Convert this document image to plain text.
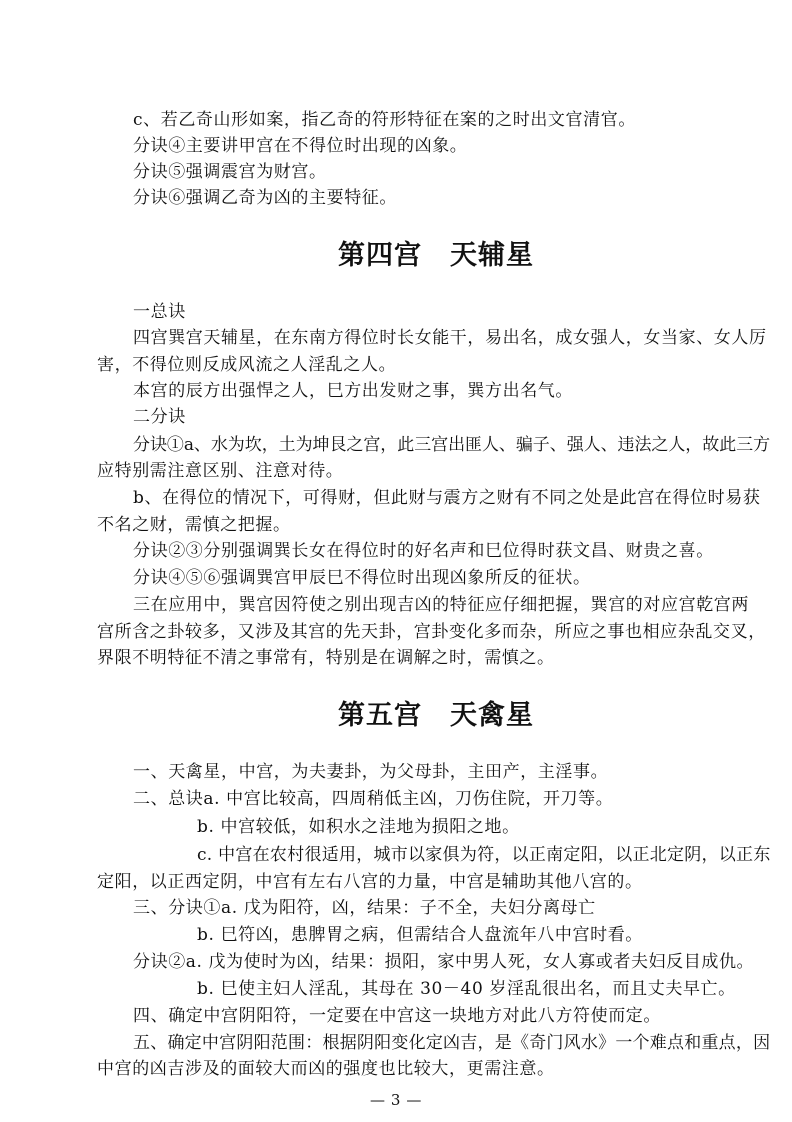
c、若乙奇山形如案，指乙奇的符形特征在案的之时出文官清官。
分诀④主要讲甲宫在不得位时出现的凶象。
分诀⑤强调震宫为财宫。
分诀⑥强调乙奇为凶的主要特征。
第四宫　天辅星
一总诀
四宫巽宫天辅星，在东南方得位时长女能干，易出名，成女强人，女当家、女人厉
害，不得位则反成风流之人淫乱之人。
本宫的辰方出强悍之人，巳方出发财之事，巽方出名气。
二分诀
分诀①a、水为坎，土为坤艮之宫，此三宫出匪人、骗子、强人、违法之人，故此三方
应特别需注意区别、注意对待。
b、在得位的情况下，可得财，但此财与震方之财有不同之处是此宫在得位时易获
不名之财，需慎之把握。
分诀②③分别强调巽长女在得位时的好名声和巳位得时获文昌、财贵之喜。
分诀④⑤⑥强调巽宫甲辰巳不得位时出现凶象所反的征状。
三在应用中，巽宫因符使之别出现吉凶的特征应仔细把握，巽宫的对应宫乾宫两
宫所含之卦较多，又涉及其宫的先天卦，宫卦变化多而杂，所应之事也相应杂乱交叉，
界限不明特征不清之事常有，特别是在调解之时，需慎之。
第五宫　天禽星
一、天禽星，中宫，为夫妻卦，为父母卦，主田产，主淫事。
二、总诀a. 中宫比较高，四周稍低主凶，刀伤住院，开刀等。
b. 中宫较低，如积水之洼地为损阳之地。
c. 中宫在农村很适用，城市以家俱为符，以正南定阳，以正北定阴，以正东
定阳，以正西定阴，中宫有左右八宫的力量，中宫是辅助其他八宫的。
三、分诀①a. 戊为阳符，凶，结果：子不全，夫妇分离母亡
b. 巳符凶，患脾胃之病，但需结合人盘流年八中宫时看。
分诀②a. 戊为使时为凶，结果：损阳，家中男人死，女人寡或者夫妇反目成仇。
b. 巳使主妇人淫乱，其母在 30－40 岁淫乱很出名，而且丈夫早亡。
四、确定中宫阴阳符，一定要在中宫这一块地方对此八方符使而定。
五、确定中宫阴阳范围：根据阴阳变化定凶吉，是《奇门风水》一个难点和重点，因
中宫的凶吉涉及的面较大而凶的强度也比较大，更需注意。
— 3 —
